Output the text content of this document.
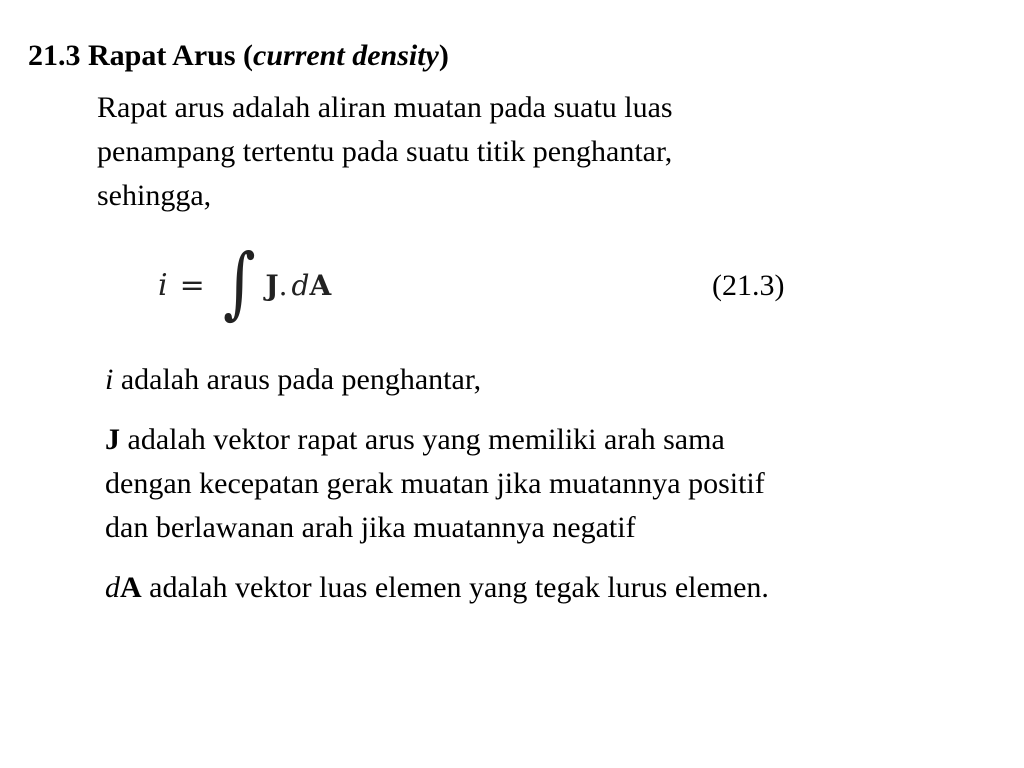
21.3 Rapat Arus (current density)
Rapat arus adalah aliran muatan pada suatu luas
penampang tertentu pada suatu titik penghantar,
sehingga,
i = ∫ J . d A	(21.3)
i adalah araus pada penghantar,
J adalah vektor rapat arus yang memiliki arah sama
dengan kecepatan gerak muatan jika muatannya positif
dan berlawanan arah jika muatannya negatif
dA adalah vektor luas elemen yang tegak lurus elemen.
